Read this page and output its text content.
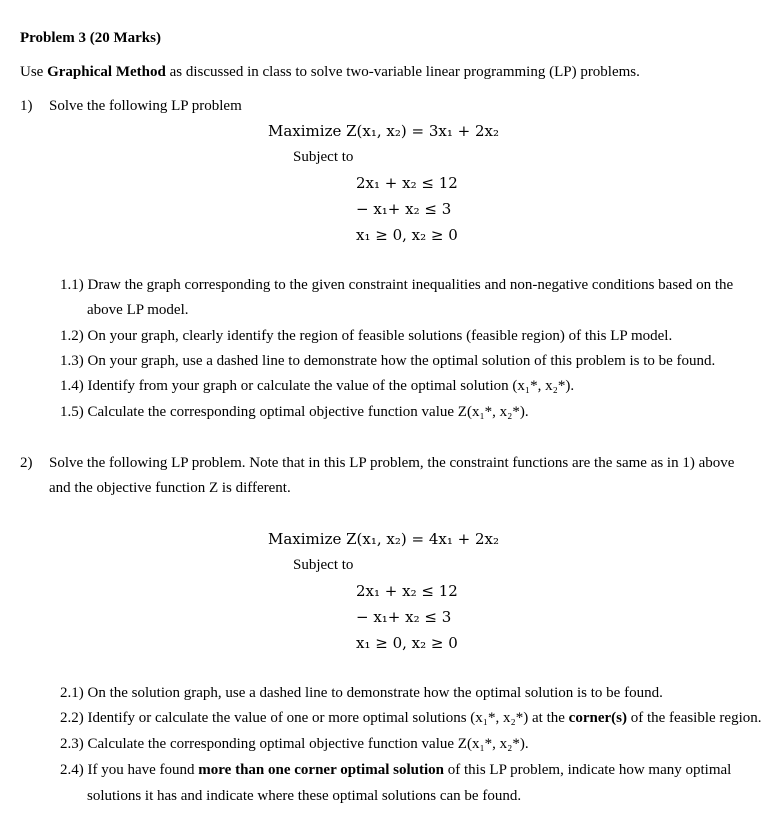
Problem 3 (20 Marks)
Use Graphical Method as discussed in class to solve two-variable linear programming (LP) problems.
1) Solve the following LP problem
Maximize Z(x₁, x₂) = 3x₁ + 2x₂
Subject to
2x₁ + x₂ ≤ 12
− x₁+ x₂ ≤ 3
x₁ ≥ 0, x₂ ≥ 0
1.1) Draw the graph corresponding to the given constraint inequalities and non-negative conditions based on the
above LP model.
1.2) On your graph, clearly identify the region of feasible solutions (feasible region) of this LP model.
1.3) On your graph, use a dashed line to demonstrate how the optimal solution of this problem is to be found.
1.4) Identify from your graph or calculate the value of the optimal solution (x₁*, x₂*).
1.5) Calculate the corresponding optimal objective function value Z(x₁*, x₂*).
2) Solve the following LP problem. Note that in this LP problem, the constraint functions are the same as in 1) above
and the objective function Z is different.
Maximize Z(x₁, x₂) = 4x₁ + 2x₂
Subject to
2x₁ + x₂ ≤ 12
− x₁+ x₂ ≤ 3
x₁ ≥ 0, x₂ ≥ 0
2.1) On the solution graph, use a dashed line to demonstrate how the optimal solution is to be found.
2.2) Identify or calculate the value of one or more optimal solutions (x₁*, x₂*) at the corner(s) of the feasible region.
2.3) Calculate the corresponding optimal objective function value Z(x₁*, x₂*).
2.4) If you have found more than one corner optimal solution of this LP problem, indicate how many optimal
solutions it has and indicate where these optimal solutions can be found.
